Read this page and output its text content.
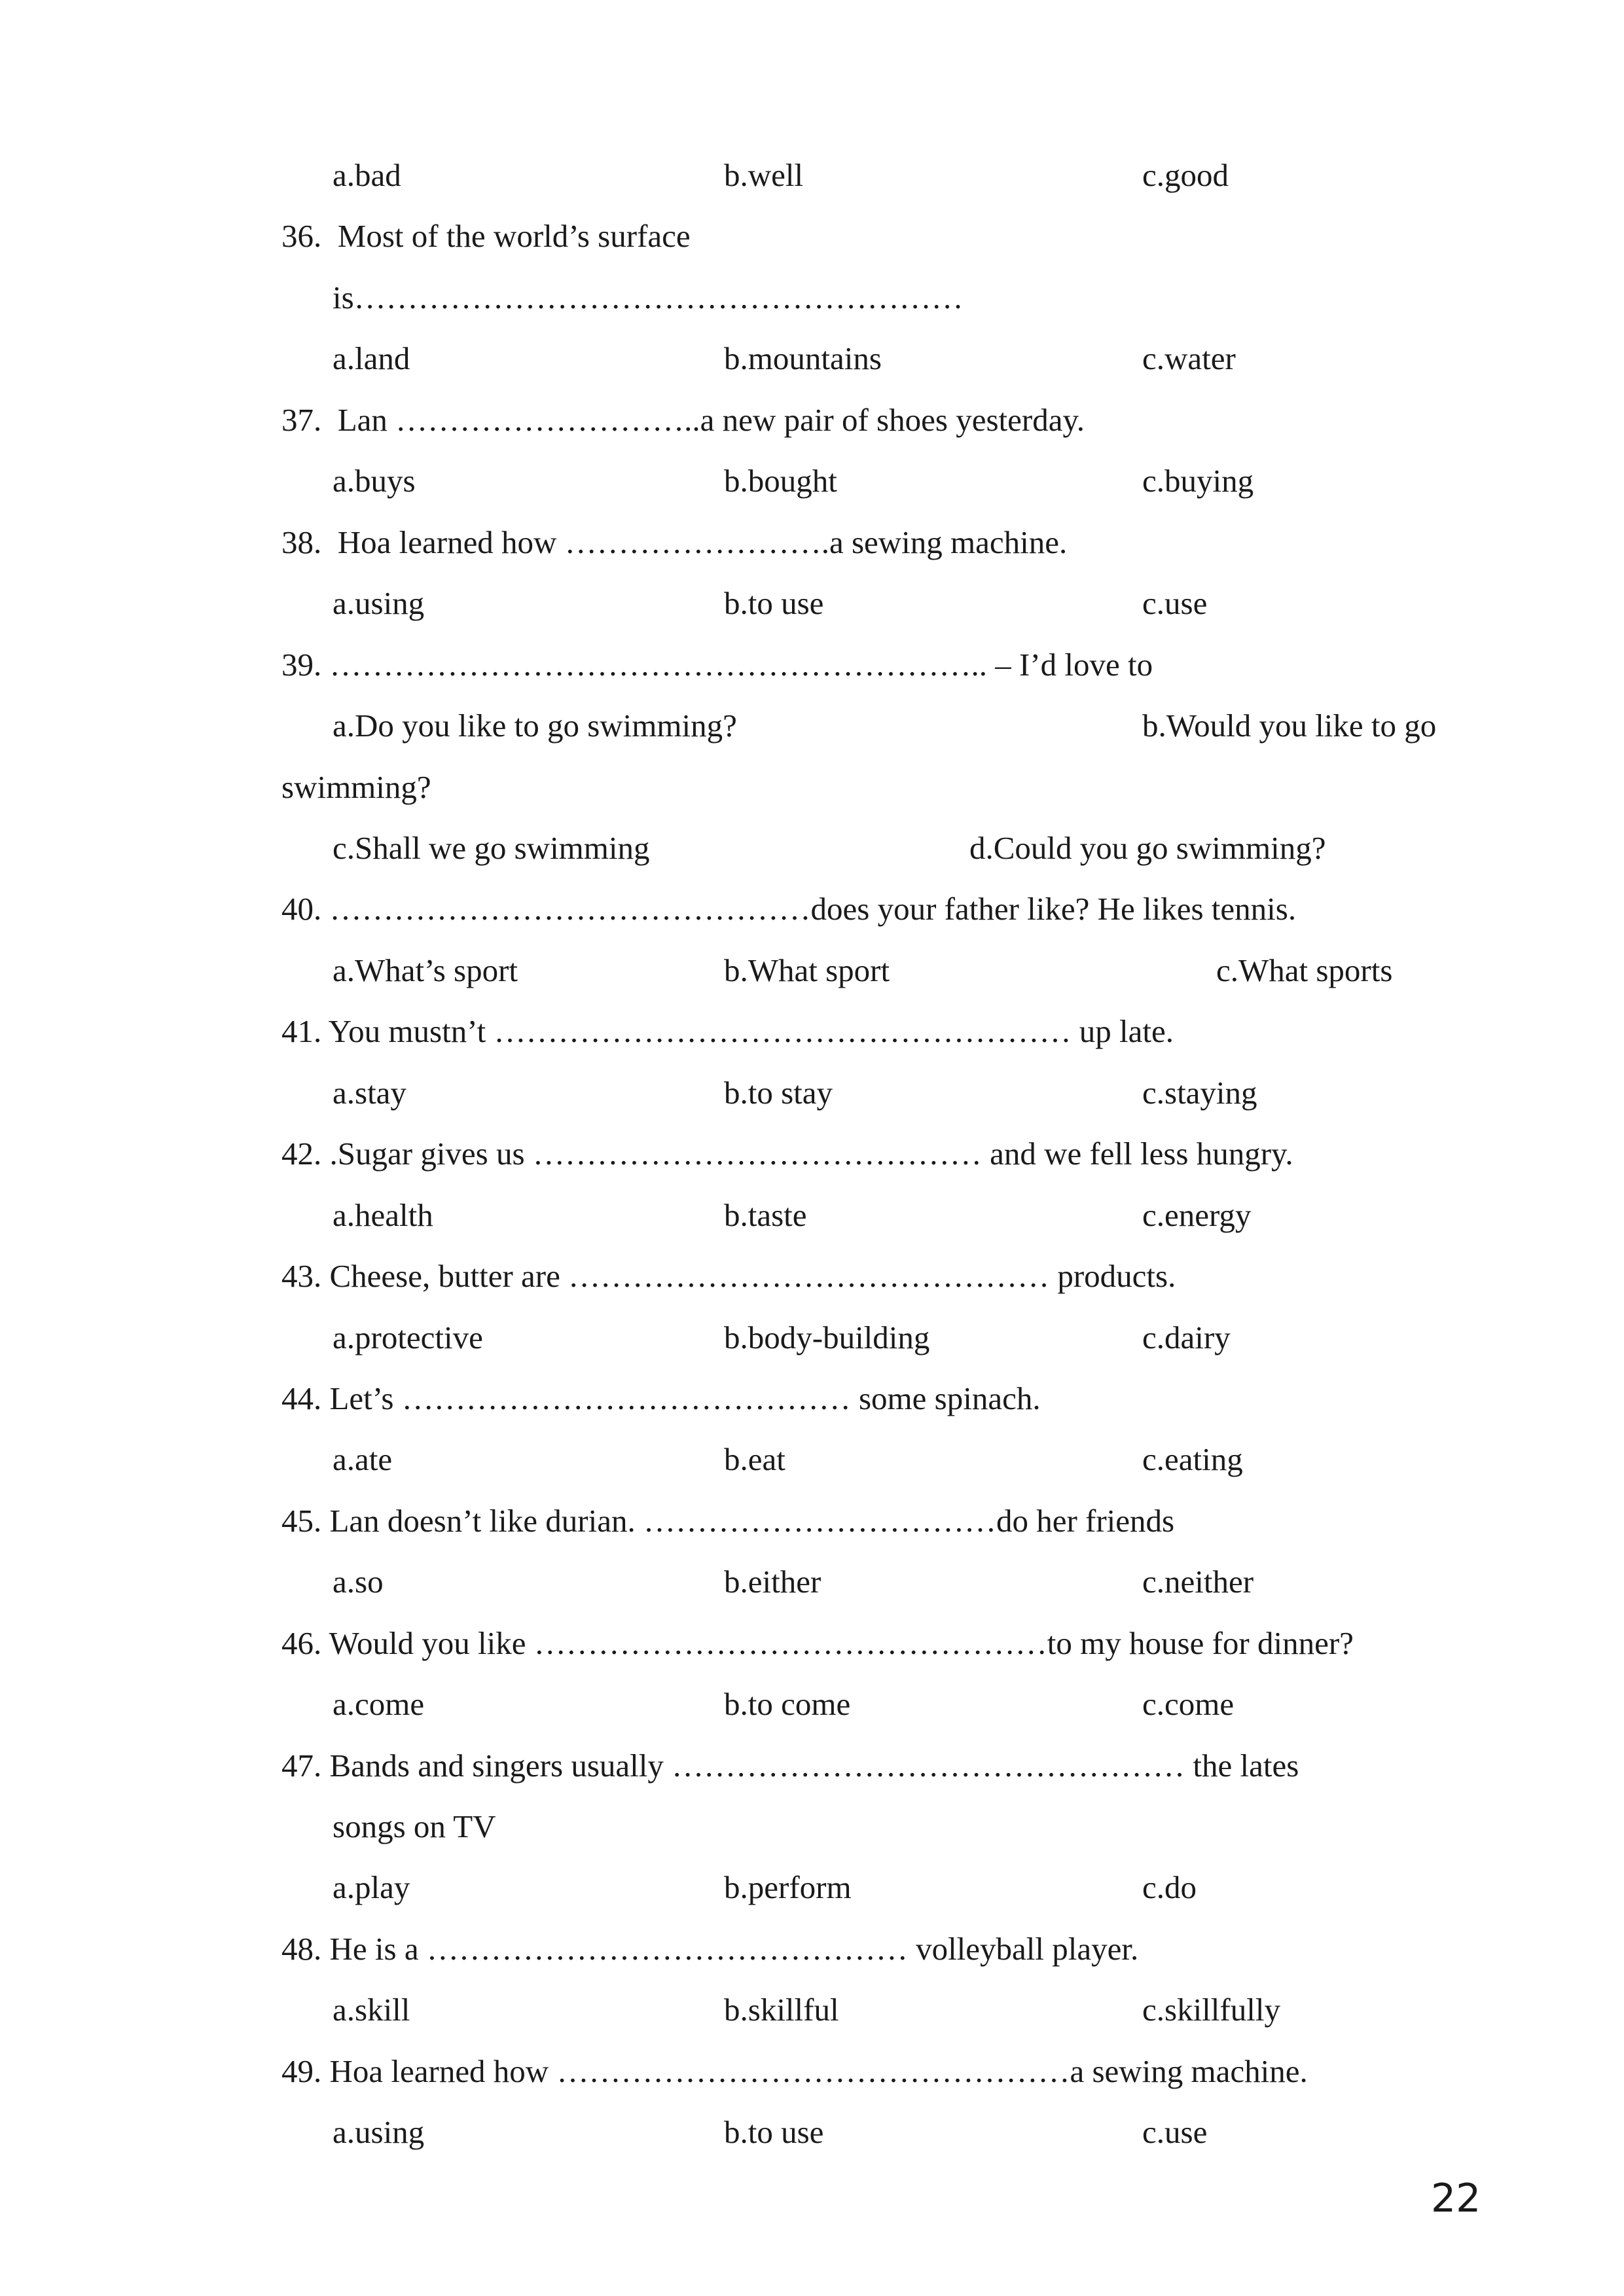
a.bad	b.well	c.good
36.  Most of the world’s surface
is…………………………………………………
a.land	b.mountains	c.water
37.  Lan ………………………..a new pair of shoes yesterday.
a.buys	b.bought	c.buying
38.  Hoa learned how …………………….a sewing machine.
a.using	b.to use	c.use
39. …………………………………………………….. – I’d love to
a.Do you like to go swimming?	b.Would you like to go
swimming?
c.Shall we go swimming	d.Could you go swimming?
40. ………………………………………does your father like? He likes tennis.
a.What’s sport	b.What sport	c.What sports
41. You mustn’t ……………………………………………… up late.
a.stay	b.to stay	c.staying
42. .Sugar gives us …………………………………… and we fell less hungry.
a.health	b.taste	c.energy
43. Cheese, butter are ……………………………………… products.
a.protective	b.body-building	c.dairy
44. Let’s …………………………………… some spinach.
a.ate	b.eat	c.eating
45. Lan doesn’t like durian. ……………………………do her friends
a.so	b.either	c.neither
46. Would you like …………………………………………to my house for dinner?
a.come	b.to come	c.come
47. Bands and singers usually ………………………………………… the lates
songs on TV
a.play	b.perform	c.do
48. He is a ……………………………………… volleyball player.
a.skill	b.skillful	c.skillfully
49. Hoa learned how …………………………………………a sewing machine.
a.using	b.to use	c.use
22
